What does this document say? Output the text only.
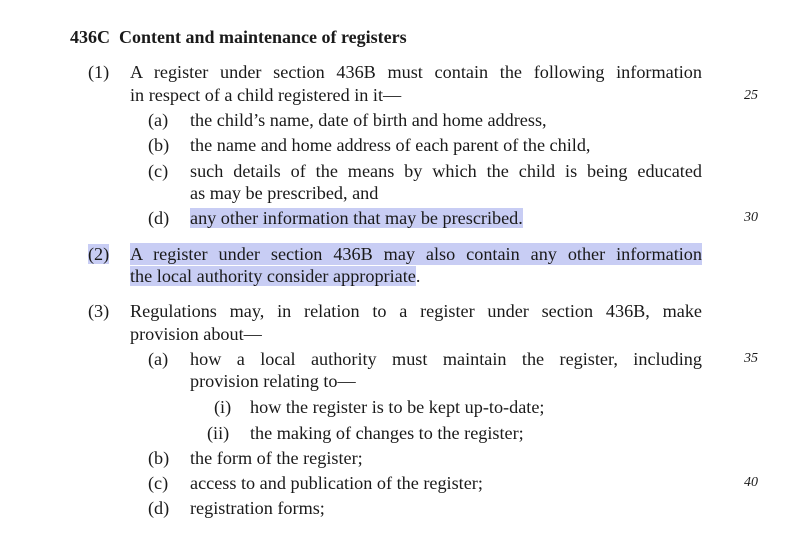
436C Content and maintenance of registers
(1) A register under section 436B must contain the following information
in respect of a child registered in it—	25
(a) the child’s name, date of birth and home address,
(b) the name and home address of each parent of the child,
(c) such details of the means by which the child is being educated
as may be prescribed, and
(d) any other information that may be prescribed.	30
(2) A register under section 436B may also contain any other information
the local authority consider appropriate.
(3) Regulations may, in relation to a register under section 436B, make
provision about—
(a) how a local authority must maintain the register, including
provision relating to—
35
(i) how the register is to be kept up-to-date;
(ii) the making of changes to the register;
(b) the form of the register;
(c) access to and publication of the register;	40
(d) registration forms;
